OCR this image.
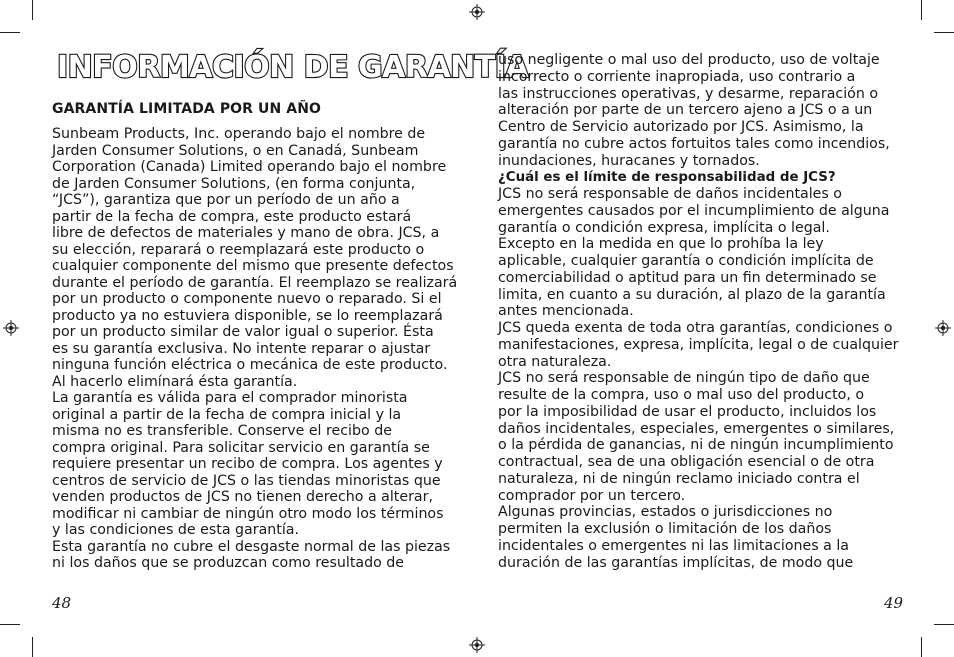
INFORMACIÓN DE GARANTÍA
GARANTÍA LIMITADA POR UN AÑO
Sunbeam Products, Inc. operando bajo el nombre de
Jarden Consumer Solutions, o en Canadá, Sunbeam
Corporation (Canada) Limited operando bajo el nombre
de Jarden Consumer Solutions, (en forma conjunta,
“JCS”), garantiza que por un período de un año a
partir de la fecha de compra, este producto estará
libre de defectos de materiales y mano de obra. JCS, a
su elección, reparará o reemplazará este producto o
cualquier componente del mismo que presente defectos
durante el período de garantía. El reemplazo se realizará
por un producto o componente nuevo o reparado. Si el
producto ya no estuviera disponible, se lo reemplazará
por un producto similar de valor igual o superior. Ésta
es su garantía exclusiva. No intente reparar o ajustar
ninguna función eléctrica o mecánica de este producto.
Al hacerlo elimínará ésta garantía.
La garantía es válida para el comprador minorista
original a partir de la fecha de compra inicial y la
misma no es transferible. Conserve el recibo de
compra original. Para solicitar servicio en garantía se
requiere presentar un recibo de compra. Los agentes y
centros de servicio de JCS o las tiendas minoristas que
venden productos de JCS no tienen derecho a alterar,
modificar ni cambiar de ningún otro modo los términos
y las condiciones de esta garantía.
Esta garantía no cubre el desgaste normal de las piezas
ni los daños que se produzcan como resultado de
uso negligente o mal uso del producto, uso de voltaje
incorrecto o corriente inapropiada, uso contrario a
las instrucciones operativas, y desarme, reparación o
alteración por parte de un tercero ajeno a JCS o a un
Centro de Servicio autorizado por JCS. Asimismo, la
garantía no cubre actos fortuitos tales como incendios,
inundaciones, huracanes y tornados.
¿Cuál es el límite de responsabilidad de JCS?
JCS no será responsable de daños incidentales o
emergentes causados por el incumplimiento de alguna
garantía o condición expresa, implícita o legal.
Excepto en la medida en que lo prohíba la ley
aplicable, cualquier garantía o condición implícita de
comerciabilidad o aptitud para un fin determinado se
limita, en cuanto a su duración, al plazo de la garantía
antes mencionada.
JCS queda exenta de toda otra garantías, condiciones o
manifestaciones, expresa, implícita, legal o de cualquier
otra naturaleza.
JCS no será responsable de ningún tipo de daño que
resulte de la compra, uso o mal uso del producto, o
por la imposibilidad de usar el producto, incluidos los
daños incidentales, especiales, emergentes o similares,
o la pérdida de ganancias, ni de ningún incumplimiento
contractual, sea de una obligación esencial o de otra
naturaleza, ni de ningún reclamo iniciado contra el
comprador por un tercero.
Algunas provincias, estados o jurisdicciones no
permiten la exclusión o limitación de los daños
incidentales o emergentes ni las limitaciones a la
duración de las garantías implícitas, de modo que
48	49
